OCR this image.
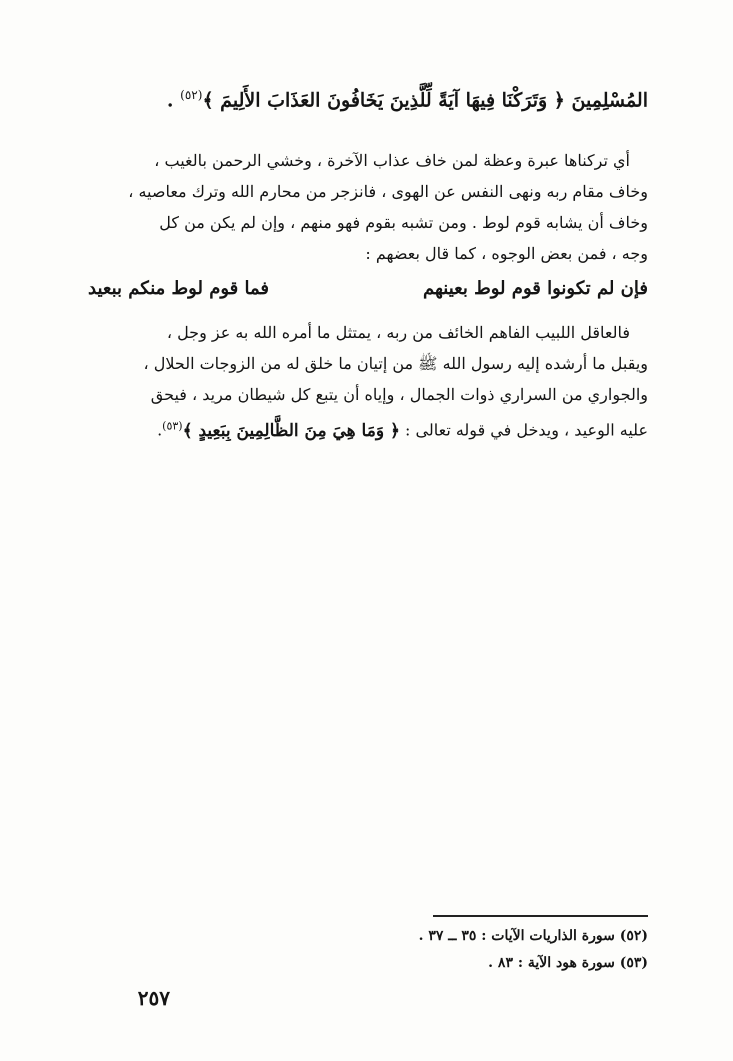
المُسْلِمِينَ ﴿ وَتَرَكْنَا فِيهَا آيَةً لِّلَّذِينَ يَخَافُونَ العَذَابَ الأَلِيمَ ﴾$^{(٥٢)}$ .
أي تركناها عبرة وعظة لمن خاف عذاب الآخرة ، وخشي الرحمن بالغيب ،
وخاف مقام ربه ونهى النفس عن الهوى ، فانزجر من محارم الله وترك معاصيه ،
وخاف أن يشابه قوم لوط . ومن تشبه بقوم فهو منهم ، وإن لم يكن من كل
وجه ، فمن بعض الوجوه ، كما قال بعضهم :
فإن لم تكونوا قوم لوط بعينهم
فما قوم لوط منكم ببعيد
فالعاقل اللبيب الفاهم الخائف من ربه ، يمتثل ما أمره الله به عز وجل ،
ويقبل ما أرشده إليه رسول الله ﷺ من إتيان ما خلق له من الزوجات الحلال ،
والجواري من السراري ذوات الجمال ، وإياه أن يتبع كل شيطان مريد ، فيحق
عليه الوعيد ، ويدخل في قوله تعالى : ﴿ وَمَا هِيَ مِنَ الظَّالِمِينَ بِبَعِيدٍ ﴾$^{(٥٣)}$.
(٥٢) سورة الذاريات الآيات : ٣٥ ــ ٣٧ .
(٥٣) سورة هود الآية : ٨٣ .
٢٥٧
